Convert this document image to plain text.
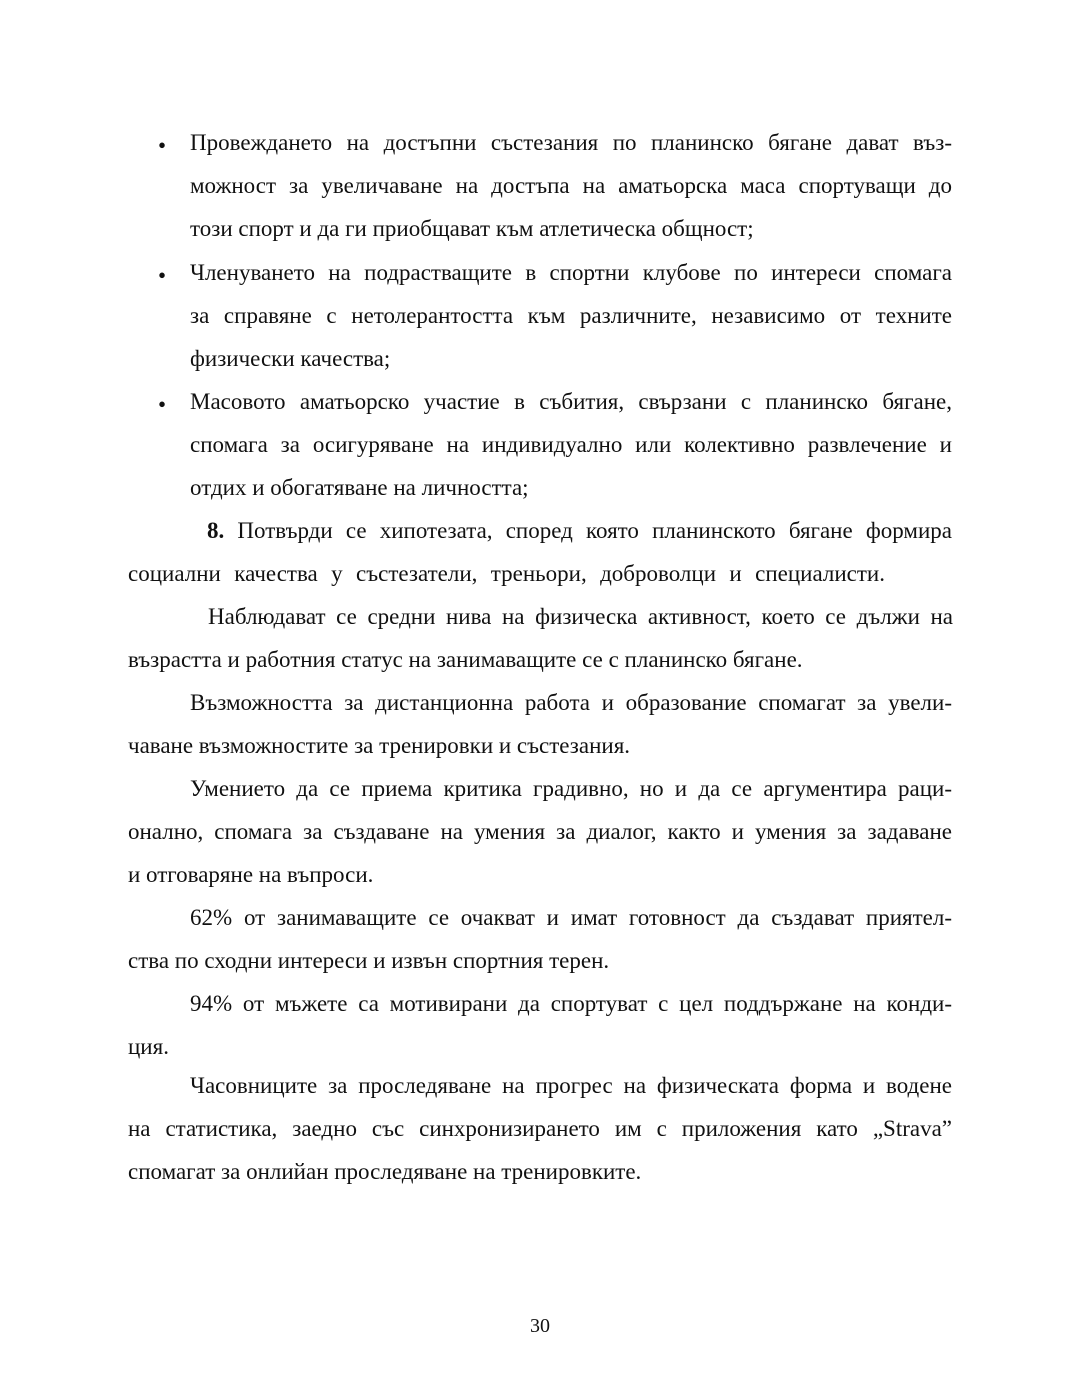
•	Провеждането на достъпни състезания по планинско бягане дават въз-
можност за увеличаване на достъпа на аматьорска маса спортуващи до
този спорт и да ги приобщават към атлетическа общност;
•	Членуването на подрастващите в спортни клубове по интереси спомага
за справяне с нетолерантостта към различните, независимо от техните
физически качества;
•	Масовото аматьорско участие в събития, свързани с планинско бягане,
спомага за осигуряване на индивидуално или колективно развлечение и
отдих и обогатяване на личността;
8. Потвърди се хипотезата, според която планинското бягане формира
социални качества у състезатели, треньори, доброволци и специалисти.
Наблюдават се средни нива на физическа активност, което се дължи на
възрастта и работния статус на занимаващите се с планинско бягане.
Възможността за дистанционна работа и образование спомагат за увели-
чаване възможностите за тренировки и състезания.
Умението да се приема критика градивно, но и да се аргументира раци-
онално, спомага за създаване на умения за диалог, както и умения за задаване
и отговаряне на въпроси.
62% от занимаващите се очакват и имат готовност да създават приятел-
ства по сходни интереси и извън спортния терен.
94% от мъжете са мотивирани да спортуват с цел поддържане на конди-
ция.
Часовниците за проследяване на прогрес на физическата форма и водене
на статистика, заедно със синхронизирането им с приложения като „Strava”
спомагат за онлийан проследяване на тренировките.
30
